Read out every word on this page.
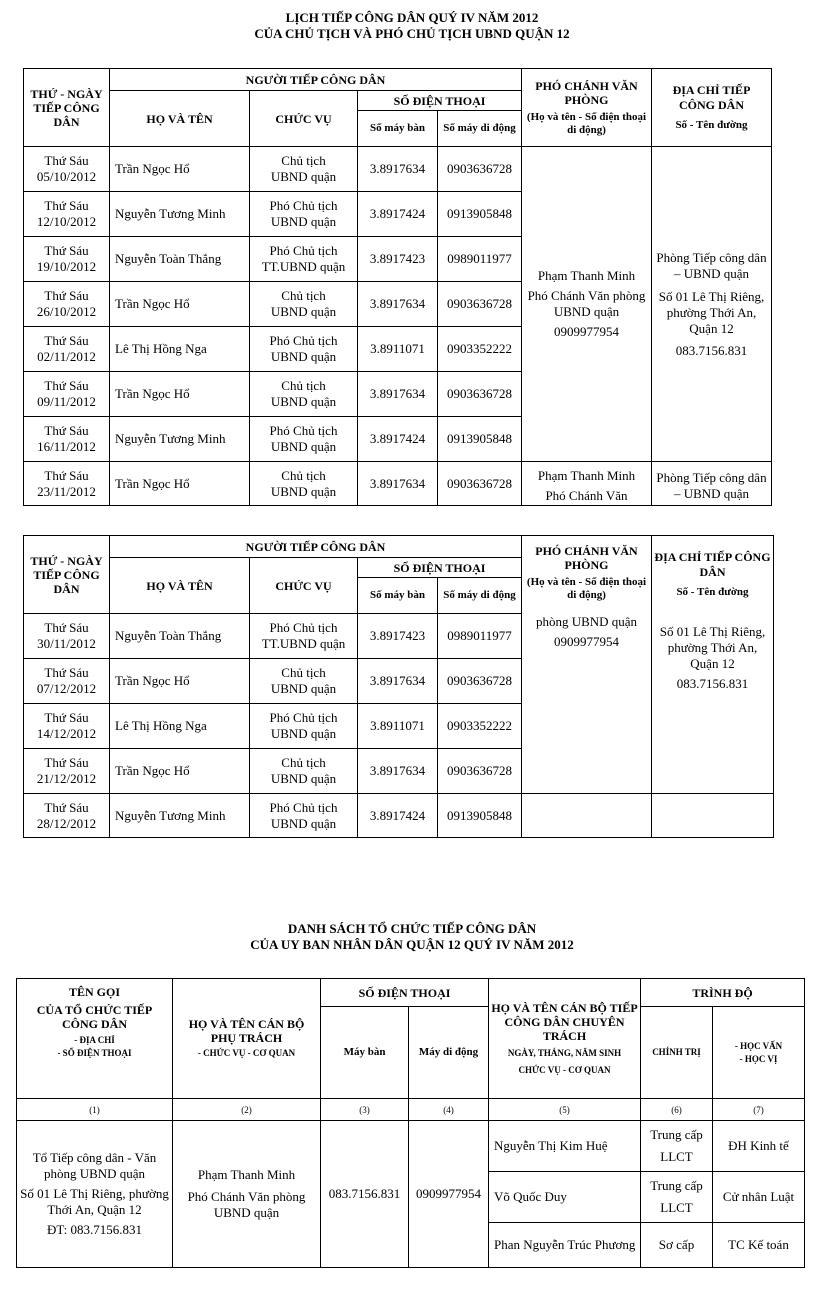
LỊCH TIẾP CÔNG DÂN QUÝ IV NĂM 2012
CỦA CHỦ TỊCH VÀ PHÓ CHỦ TỊCH UBND QUẬN 12
THỨ - NGÀY TIẾP CÔNG DÂN	NGƯỜI TIẾP CÔNG DÂN				PHÓ CHÁNH VĂN PHÒNG
(Họ và tên - Số điện thoại di động)	ĐỊA CHỈ TIẾP CÔNG DÂN
Số - Tên đường

	HỌ VÀ TÊN	CHỨC VỤ	SỐ ĐIỆN THOẠI			
			Số máy bàn	Số máy di động		

Thứ Sáu
05/10/2012	Trần Ngọc Hổ	Chủ tịch
UBND quận	3.8917634	0903636728	Phạm Thanh Minh
Phó Chánh Văn phòng UBND quận
0909977954	Phòng Tiếp công dân – UBND quận
Số 01 Lê Thị Riêng, phường Thới An, Quận 12
083.7156.831

Thứ Sáu
12/10/2012	Nguyễn Tương Minh	Phó Chủ tịch
UBND quận	3.8917424	0913905848		

Thứ Sáu
19/10/2012	Nguyễn Toàn Thắng	Phó Chủ tịch
TT.UBND quận	3.8917423	0989011977		

Thứ Sáu
26/10/2012	Trần Ngọc Hổ	Chủ tịch
UBND quận	3.8917634	0903636728		

Thứ Sáu
02/11/2012	Lê Thị Hồng Nga	Phó Chủ tịch
UBND quận	3.8911071	0903352222		

Thứ Sáu
09/11/2012	Trần Ngọc Hổ	Chủ tịch
UBND quận	3.8917634	0903636728		

Thứ Sáu
16/11/2012	Nguyễn Tương Minh	Phó Chủ tịch
UBND quận	3.8917424	0913905848		

Thứ Sáu
23/11/2012	Trần Ngọc Hổ	Chủ tịch
UBND quận	3.8917634	0903636728	Phạm Thanh Minh
Phó Chánh Văn	Phòng Tiếp công dân – UBND quận
THỨ - NGÀY TIẾP CÔNG DÂN	NGƯỜI TIẾP CÔNG DÂN				PHÓ CHÁNH VĂN PHÒNG
(Họ và tên - Số điện thoại di động)	ĐỊA CHỈ TIẾP CÔNG DÂN
Số - Tên đường

	HỌ VÀ TÊN	CHỨC VỤ	SỐ ĐIỆN THOẠI			
			Số máy bàn	Số máy di động		

Thứ Sáu
30/11/2012	Nguyễn Toàn Thắng	Phó Chủ tịch
TT.UBND quận	3.8917423	0989011977	phòng UBND quận
0909977954	Số 01 Lê Thị Riêng, phường Thới An, Quận 12
083.7156.831

Thứ Sáu
07/12/2012	Trần Ngọc Hổ	Chủ tịch
UBND quận	3.8917634	0903636728		

Thứ Sáu
14/12/2012	Lê Thị Hồng Nga	Phó Chủ tịch
UBND quận	3.8911071	0903352222		

Thứ Sáu
21/12/2012	Trần Ngọc Hổ	Chủ tịch
UBND quận	3.8917634	0903636728		

Thứ Sáu
28/12/2012	Nguyễn Tương Minh	Phó Chủ tịch
UBND quận	3.8917424	0913905848		
DANH SÁCH TỔ CHỨC TIẾP CÔNG DÂN
CỦA UY BAN NHÂN DÂN QUẬN 12 QUÝ IV NĂM 2012
TÊN GỌI
CỦA TỔ CHỨC TIẾP CÔNG DÂN
- ĐỊA CHỈ
- SỐ ĐIỆN THOẠI	HỌ VÀ TÊN CÁN BỘ PHỤ TRÁCH
- CHỨC VỤ - CƠ QUAN	SỐ ĐIỆN THOẠI		HỌ VÀ TÊN CÁN BỘ TIẾP CÔNG DÂN CHUYÊN TRÁCH
NGÀY, THÁNG, NĂM SINH
CHỨC VỤ - CƠ QUAN	TRÌNH ĐỘ	
		Máy bàn	Máy di động		CHÍNH TRỊ	- HỌC VẤN
- HỌC VỊ

(1)	(2)	(3)	(4)	(5)	(6)	(7)

Tổ Tiếp công dân - Văn phòng UBND quận
Số 01 Lê Thị Riêng, phường Thới An, Quận 12
ĐT: 083.7156.831	Phạm Thanh Minh
Phó Chánh Văn phòng UBND quận	083.7156.831	0909977954	Nguyễn Thị Kim Huệ	Trung cấp LLCT	ĐH Kinh tế
				Võ Quốc Duy	Trung cấp LLCT	Cử nhân Luật
				Phan Nguyễn Trúc Phương	Sơ cấp	TC Kế toán
